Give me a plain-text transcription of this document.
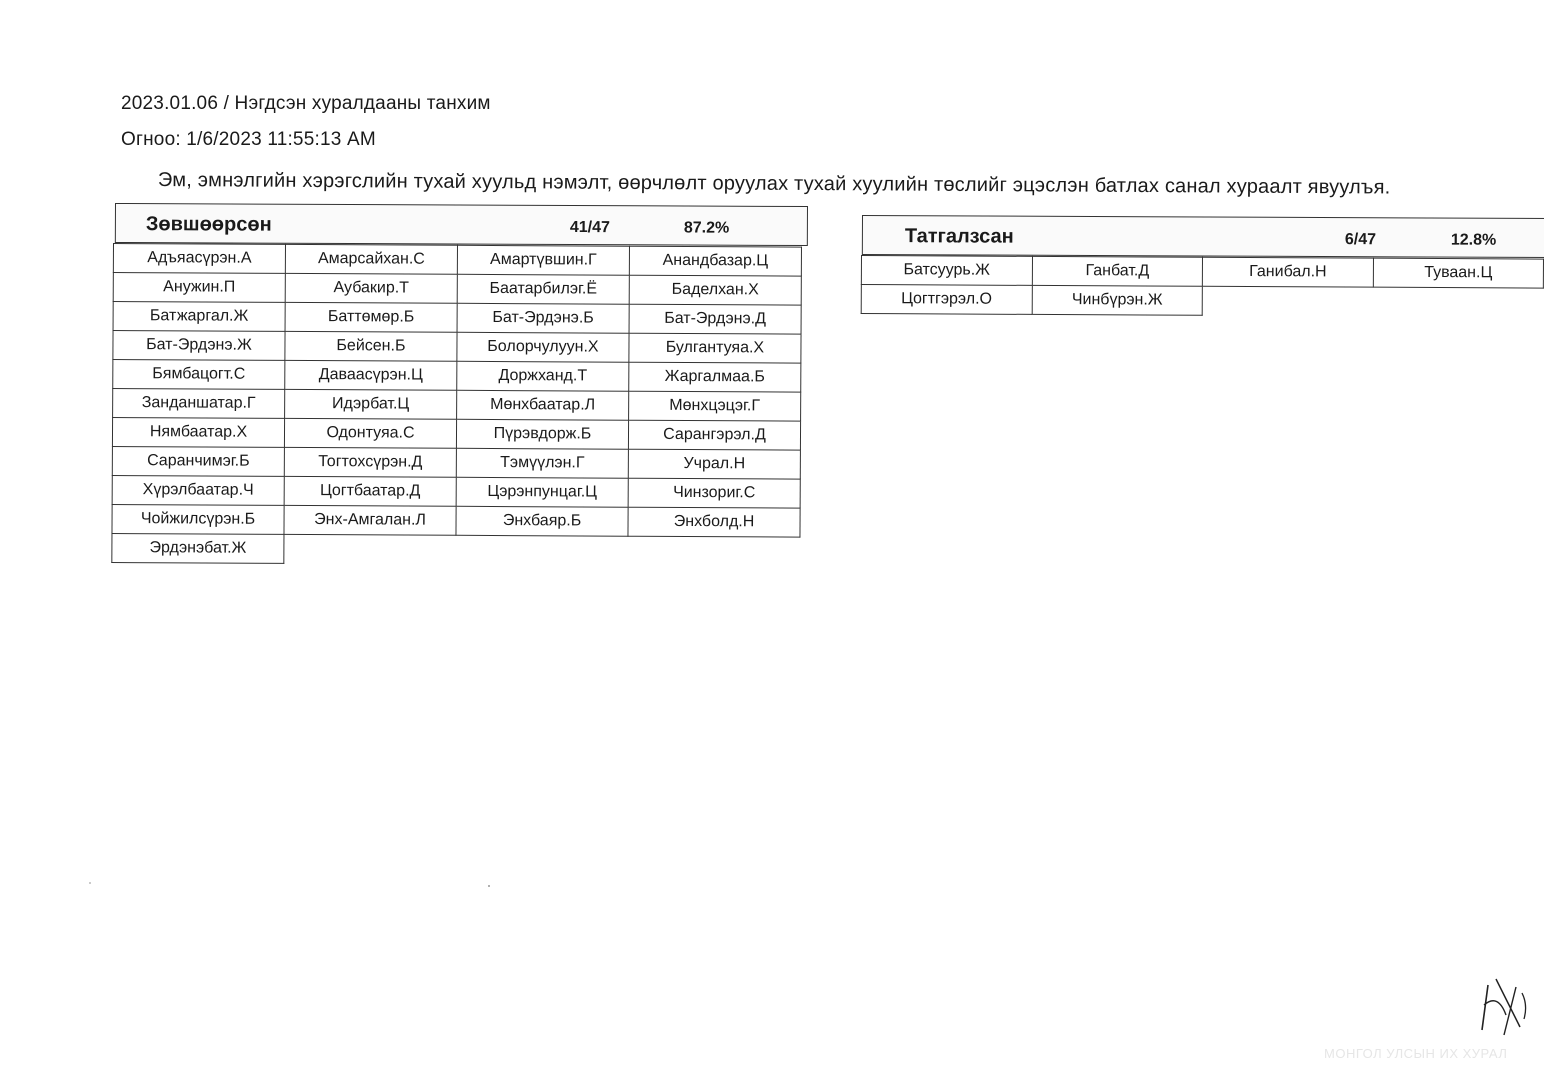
2023.01.06 / Нэгдсэн хуралдааны танхим
Огноо: 1/6/2023 11:55:13 AM
Эм, эмнэлгийн хэрэгслийн тухай хуульд нэмэлт, өөрчлөлт оруулах тухай хуулийн төслийг эцэслэн батлах санал хураалт явуулъя.
Зөвшөөрсөн	41/47	87.2%
Адъяасүрэн.А	Амарсайхан.С	Амартүвшин.Г	Анандбазар.Ц
Анужин.П	Аубакир.Т	Баатарбилэг.Ё	Баделхан.Х
Батжаргал.Ж	Баттөмөр.Б	Бат-Эрдэнэ.Б	Бат-Эрдэнэ.Д
Бат-Эрдэнэ.Ж	Бейсен.Б	Болорчулуун.Х	Булгантуяа.Х
Бямбацогт.С	Даваасүрэн.Ц	Доржханд.Т	Жаргалмаа.Б
Занданшатар.Г	Идэрбат.Ц	Мөнхбаатар.Л	Мөнхцэцэг.Г
Нямбаатар.Х	Одонтуяа.С	Пүрэвдорж.Б	Сарангэрэл.Д
Саранчимэг.Б	Тогтохсүрэн.Д	Тэмүүлэн.Г	Учрал.Н
Хүрэлбаатар.Ч	Цогтбаатар.Д	Цэрэнпунцаг.Ц	Чинзориг.С
Чойжилсүрэн.Б	Энх-Амгалан.Л	Энхбаяр.Б	Энхболд.Н
Эрдэнэбат.Ж			
Татгалзсан	6/47	12.8%
Батсуурь.Ж	Ганбат.Д	Ганибал.Н	Туваан.Ц
Цогтгэрэл.О	Чинбүрэн.Ж		
МОНГОЛ УЛСЫН ИХ ХУРАЛ
